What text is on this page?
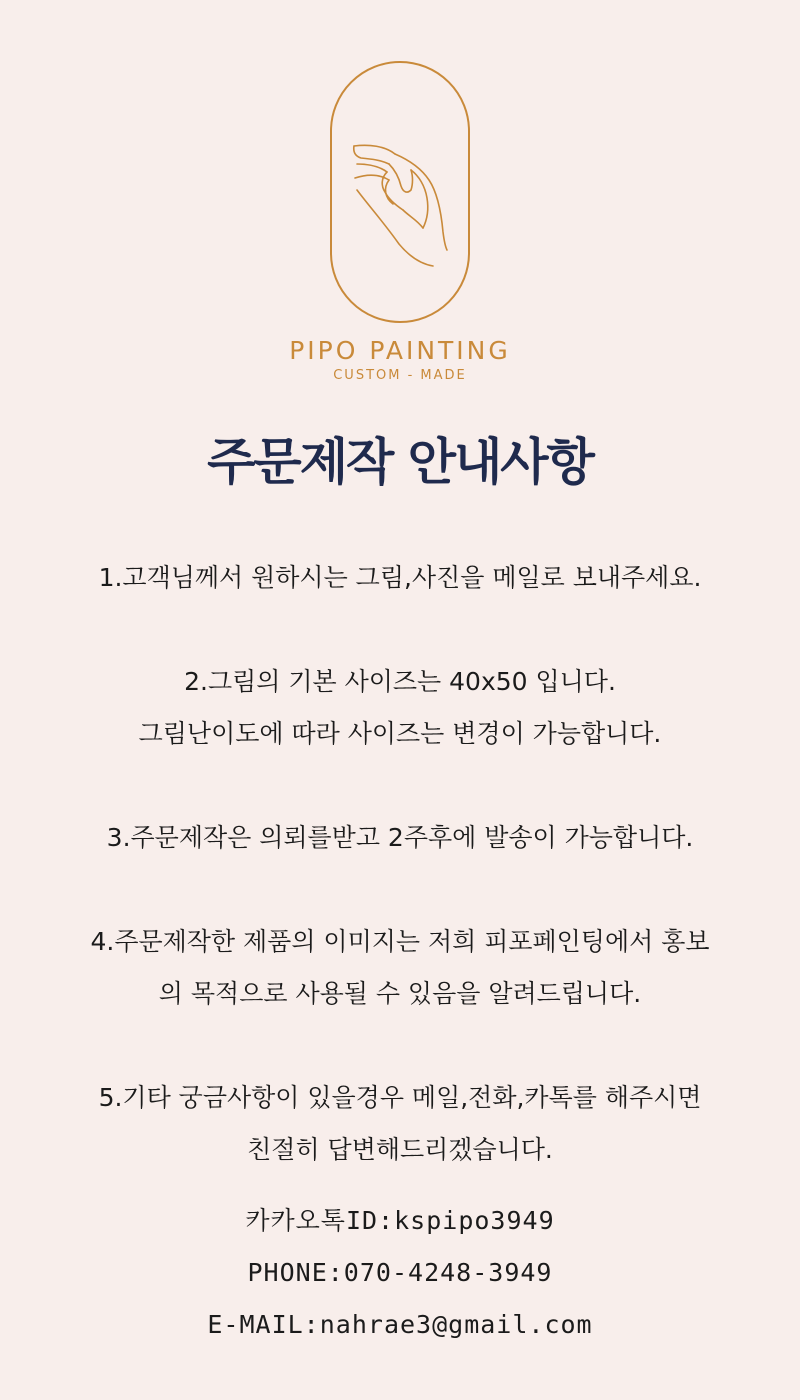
PIPO PAINTING
CUSTOM - MADE
주문제작 안내사항
1.고객님께서 원하시는 그림,사진을 메일로 보내주세요.
2.그림의 기본 사이즈는 40x50 입니다.
그림난이도에 따라 사이즈는 변경이 가능합니다.
3.주문제작은 의뢰를받고 2주후에 발송이 가능합니다.
4.주문제작한 제품의 이미지는 저희 피포페인팅에서 홍보
의 목적으로 사용될 수 있음을 알려드립니다.
5.기타 궁금사항이 있을경우 메일,전화,카톡를 해주시면
친절히 답변해드리겠습니다.
카카오톡ID:kspipo3949
PHONE:070-4248-3949
E-MAIL:nahrae3@gmail.com
